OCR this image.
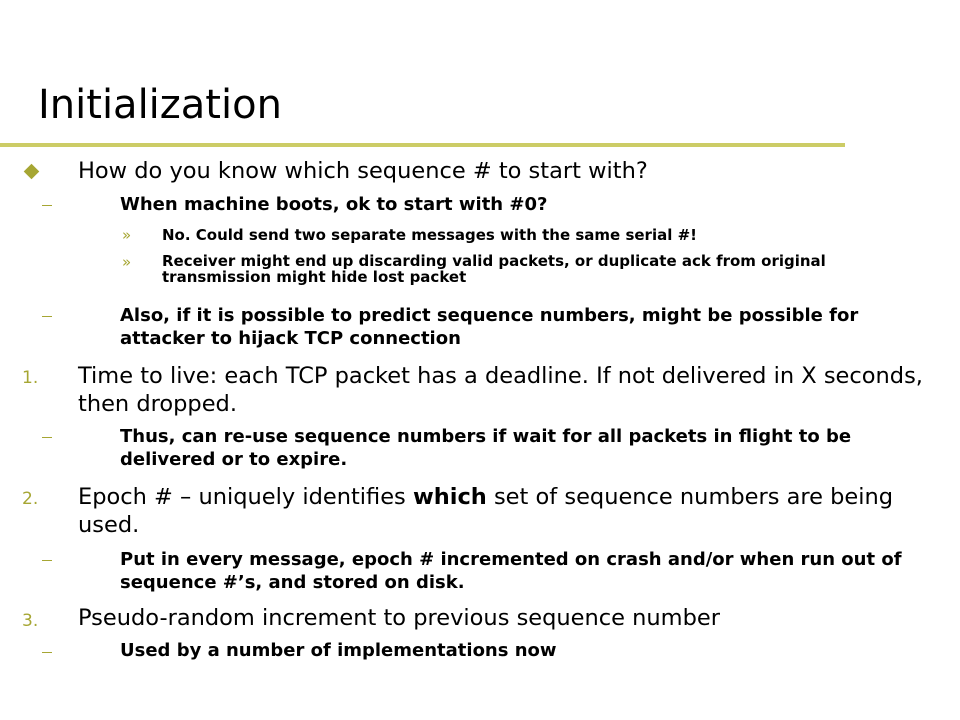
Initialization
How do you know which sequence # to start with?
When machine boots, ok to start with #0?
» No. Could send two separate messages with the same serial #!
» Receiver might end up discarding valid packets, or duplicate ack from original transmission might hide lost packet
Also, if it is possible to predict sequence numbers, might be possible for attacker to hijack TCP connection
1. Time to live: each TCP packet has a deadline. If not delivered in X seconds, then dropped.
Thus, can re-use sequence numbers if wait for all packets in flight to be delivered or to expire.
2. Epoch # – uniquely identifies which set of sequence numbers are being used.
Put in every message, epoch # incremented on crash and/or when run out of sequence #’s, and stored on disk.
3. Pseudo-random increment to previous sequence number
Used by a number of implementations now
